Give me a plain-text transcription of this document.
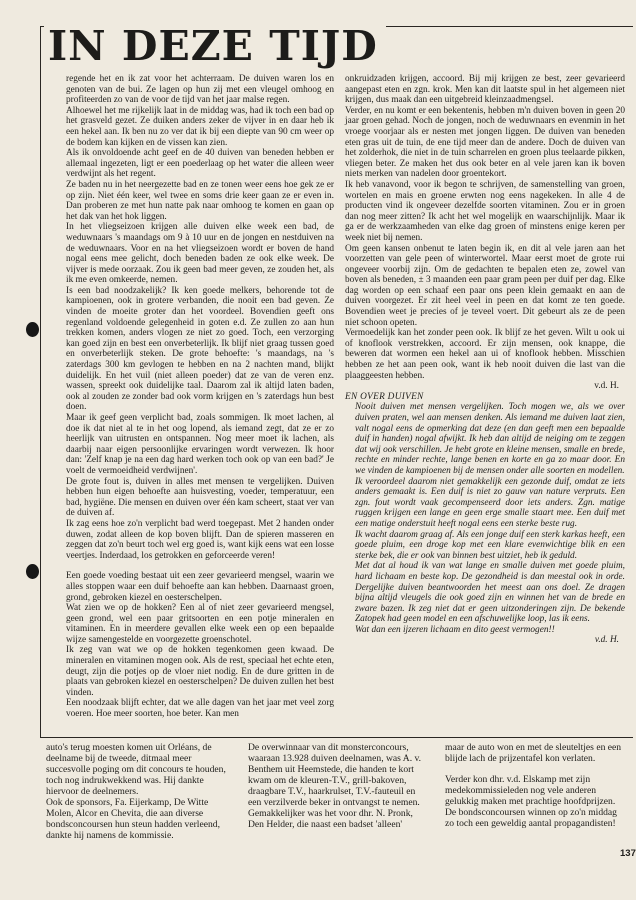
IN DEZE TIJD

regende het en ik zat voor het achterraam. De duiven waren los en genoten van de bui. Ze lagen op hun zij met een vleugel omhoog en profiteerden zo van de voor de tijd van het jaar malse regen.

Alhoewel het me rijkelijk laat in de middag was, had ik toch een bad op het grasveld gezet. Ze duiken anders zeker de vijver in en daar heb ik een hekel aan. Ik ben nu zo ver dat ik bij een diepte van 90 cm weer op de bodem kan kijken en de vissen kan zien.

Als ik onvoldoende acht geef en de 40 duiven van beneden hebben er allemaal ingezeten, ligt er een poederlaag op het water die alleen weer verdwijnt als het regent.

Ze baden nu in het neergezette bad en ze tonen weer eens hoe gek ze er op zijn. Niet één keer, wel twee en soms drie keer gaan ze er even in. Dan proberen ze met hun natte pak naar omhoog te komen en gaan op het dak van het hok liggen.

In het vliegseizoen krijgen alle duiven elke week een bad, de weduwnaars 's maandags om 9 à 10 uur en de jongen en nestduiven na de weduwnaars. Voor en na het vliegseizoen wordt er boven de hand nogal eens mee gelicht, doch beneden baden ze ook elke week. De vijver is mede oorzaak. Zou ik geen bad meer geven, ze zouden het, als ik me even omkeerde, nemen.

Is een bad noodzakelijk? Ik ken goede melkers, behorende tot de kampioenen, ook in grotere verbanden, die nooit een bad geven. Ze vinden de moeite groter dan het voordeel. Bovendien geeft ons regenland voldoende gelegenheid in goten e.d. Ze zullen zo aan hun trekken komen, anders vlogen ze niet zo goed. Toch, een verzorging kan goed zijn en best een onverbeterlijk. Ik blijf niet graag tussen goed en onverbeterlijk steken. De grote behoefte: 's maandags, na 's zaterdags 300 km gevlogen te hebben en na 2 nachten mand, blijkt duidelijk. En het vuil (niet alleen poeder) dat ze van de veren enz. wassen, spreekt ook duidelijke taal. Daarom zal ik altijd laten baden, ook al zouden ze zonder bad ook vorm krijgen en 's zaterdags hun best doen.

Maar ik geef geen verplicht bad, zoals sommigen. Ik moet lachen, al doe ik dat niet al te in het oog lopend, als iemand zegt, dat ze er zo heerlijk van uitrusten en ontspannen. Nog meer moet ik lachen, als daarbij naar eigen persoonlijke ervaringen wordt verwezen. Ik hoor dan: 'Zelf knap je na een dag hard werken toch ook op van een bad?' Je voelt de vermoeidheid verdwijnen'.

De grote fout is, duiven in alles met mensen te vergelijken. Duiven hebben hun eigen behoefte aan huisvesting, voeder, temperatuur, een bad, hygiëne. Die mensen en duiven over één kam scheert, staat ver van de duiven af.

Ik zag eens hoe zo'n verplicht bad werd toegepast. Met 2 handen onder duwen, zodat alleen de kop boven blijft. Dan de spieren masseren en zeggen dat zo'n beurt toch wel erg goed is, want kijk eens wat een losse veertjes. Inderdaad, los getrokken en geforceerde veren!

Een goede voeding bestaat uit een zeer gevarieerd mengsel, waarin we alles stoppen waar een duif behoefte aan kan hebben. Daarnaast groen, grond, gebroken kiezel en oesterschelpen.

Wat zien we op de hokken? Een al of niet zeer gevarieerd mengsel, geen grond, wel een paar gritsoorten en een potje mineralen en vitaminen. En in meerdere gevallen elke week een op een bepaalde wijze samengestelde en voorgezette groenschotel.

Ik zeg van wat we op de hokken tegenkomen geen kwaad. De mineralen en vitaminen mogen ook. Als de rest, speciaal het echte eten, deugt, zijn die potjes op de vloer niet nodig. En de dure gritten in de plaats van gebroken kiezel en oesterschelpen? De duiven zullen het best vinden.

Een noodzaak blijft echter, dat we alle dagen van het jaar met veel zorg voeren. Hoe meer soorten, hoe beter. Kan men

onkruidzaden krijgen, accoord. Bij mij krijgen ze best, zeer gevarieerd aangepast eten en zgn. krok. Men kan dit laatste spul in het algemeen niet krijgen, dus maak dan een uitgebreid kleinzaadmengsel.

Verder, en nu komt er een bekentenis, hebben m'n duiven boven in geen 20 jaar groen gehad. Noch de jongen, noch de weduwnaars en evenmin in het vroege voorjaar als er nesten met jongen liggen. De duiven van beneden eten gras uit de tuin, de ene tijd meer dan de andere. Doch de duiven van het zolderhok, die niet in de tuin scharrelen en groen plus teelaarde pikken, vliegen beter. Ze maken het dus ook beter en al vele jaren kan ik boven niets merken van nadelen door groentekort.

Ik heb vanavond, voor ik begon te schrijven, de samenstelling van groen, wortelen en mais en groene erwten nog eens nagekeken. In alle 4 de producten vind ik ongeveer dezelfde soorten vitaminen. Zou er in groen dan nog meer zitten? Ik acht het wel mogelijk en waarschijnlijk. Maar ik ga er de werkzaamheden van elke dag groen of minstens enige keren per week niet bij nemen.

Om geen kansen onbenut te laten begin ik, en dit al vele jaren aan het voorzetten van gele peen of winterwortel. Maar eerst moet de grote rui ongeveer voorbij zijn. Om de gedachten te bepalen eten ze, zowel van boven als beneden, ± 3 maanden een paar gram peen per duif per dag. Elke dag worden op een schaaf een paar ons peen klein gemaakt en aan de duiven voorgezet. Er zit heel veel in peen en dat komt ze ten goede. Bovendien weet je precies of je teveel voert. Dit gebeurt als ze de peen niet schoon opeten.

Vermoedelijk kan het zonder peen ook. Ik blijf ze het geven. Wilt u ook ui of knoflook verstrekken, accoord. Er zijn mensen, ook knappe, die beweren dat wormen een hekel aan ui of knoflook hebben. Misschien hebben ze het aan peen ook, want ik heb nooit duiven die last van die plaaggeesten hebben.

v.d. H.

EN OVER DUIVEN

Nooit duiven met mensen vergelijken. Toch mogen we, als we over duiven praten, wel aan mensen denken. Als iemand me duiven laat zien, valt nogal eens de opmerking dat deze (en dan geeft men een bepaalde duif in handen) nogal afwijkt. Ik heb dan altijd de neiging om te zeggen dat wij ook verschillen. Je hebt grote en kleine mensen, smalle en brede, rechte en minder rechte, lange benen en korte en ga zo maar door. En we vinden de kampioenen bij de mensen onder alle soorten en modellen.

Ik veroordeel daarom niet gemakkelijk een gezonde duif, omdat ze iets anders gemaakt is. Een duif is niet zo gauw van nature verpruts. Een zgn. fout wordt vaak gecompenseerd door iets anders. Zgn. matige ruggen krijgen een lange en geen erge smalle staart mee. Een duif met een matige onderstuit heeft nogal eens een sterke beste rug.

Ik wacht daarom graag af. Als een jonge duif een sterk karkas heeft, een goede pluim, een droge kop met een klare evenwichtige blik en een sterke bek, die er ook van binnen best uitziet, heb ik geduld.

Met dat al houd ik van wat lange en smalle duiven met goede pluim, hard lichaam en beste kop. De gezondheid is dan meestal ook in orde. Dergelijke duiven beantwoorden het meest aan ons doel. Ze dragen bijna altijd vleugels die ook goed zijn en winnen het van de brede en zware bazen. Ik zeg niet dat er geen uitzonderingen zijn. De bekende Zatopek had geen model en een afschuwelijke loop, las ik eens.

Wat dan een ijzeren lichaam en dito geest vermogen!!

v.d. H.

auto's terug moesten komen uit Orléans, de deelname bij de tweede, ditmaal meer succesvolle poging om dit concours te houden, toch nog indrukwekkend was. Hij dankte hiervoor de deelnemers.

Ook de sponsors, Fa. Eijerkamp, De Witte Molen, Alcor en Chevita, die aan diverse bondsconcoursen hun steun hadden verleend, dankte hij namens de kommissie.

De overwinnaar van dit monsterconcours, waaraan 13.928 duiven deelnamen, was A. v. Benthem uit Heemstede, die handen te kort kwam om de kleuren-T.V., grill-bakoven, draagbare T.V., haarkrulset, T.V.-fauteuil en een verzilverde beker in ontvangst te nemen.

Gemakkelijker was het voor dhr. N. Pronk, Den Helder, die naast een badset 'alleen'

maar de auto won en met de sleuteltjes en een blijde lach de prijzentafel kon verlaten.

Verder kon dhr. v.d. Elskamp met zijn medekommissieleden nog vele anderen gelukkig maken met prachtige hoofdprijzen. De bondsconcoursen winnen op zo'n middag zo toch een geweldig aantal propagandisten!

137
